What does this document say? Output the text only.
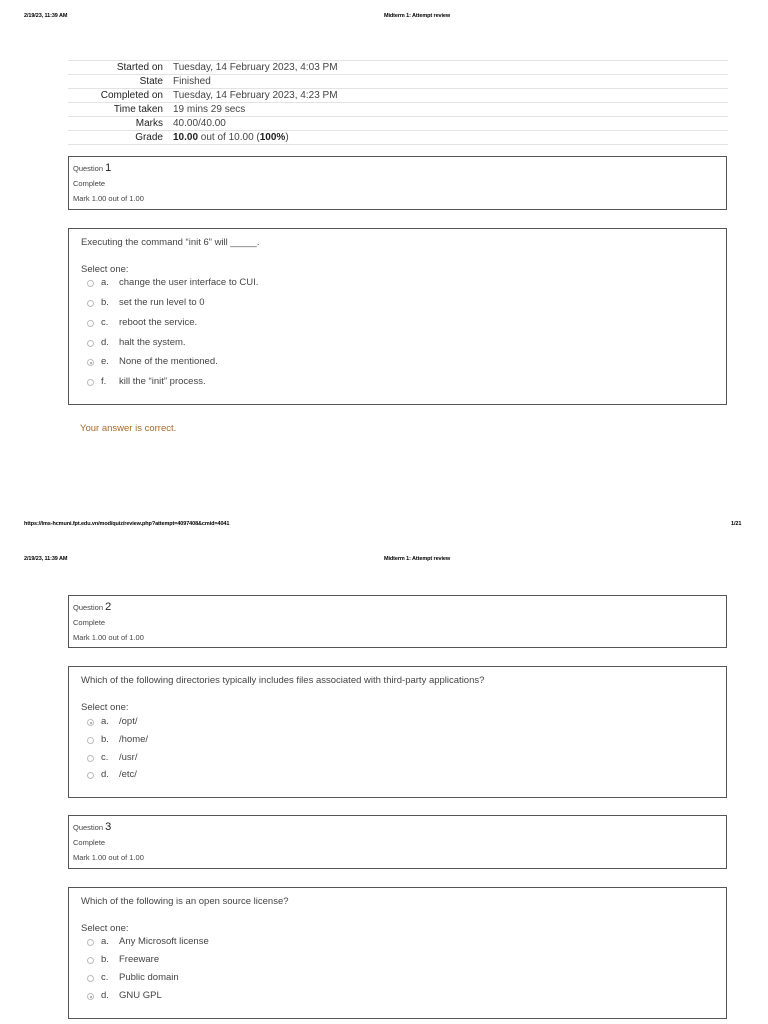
2/19/23, 11:39 AM	Midterm 1: Attempt review
Started on	Tuesday, 14 February 2023, 4:03 PM
State	Finished
Completed on	Tuesday, 14 February 2023, 4:23 PM
Time taken	19 mins 29 secs
Marks	40.00/40.00
Grade	10.00 out of 10.00 (100%)
Question 1
Complete
Mark 1.00 out of 1.00
Executing the command “init 6” will _____.
Select one:
a. change the user interface to CUI.
b. set the run level to 0
c. reboot the service.
d. halt the system.
e. None of the mentioned.
f. kill the “init” process.
Your answer is correct.
https://lms-hcmuni.fpt.edu.vn/mod/quiz/review.php?attempt=4097408&cmid=4041	1/21
2/19/23, 11:39 AM	Midterm 1: Attempt review
Question 2
Complete
Mark 1.00 out of 1.00
Which of the following directories typically includes files associated with third-party applications?
Select one:
a. /opt/
b. /home/
c. /usr/
d. /etc/
Question 3
Complete
Mark 1.00 out of 1.00
Which of the following is an open source license?
Select one:
a. Any Microsoft license
b. Freeware
c. Public domain
d. GNU GPL
